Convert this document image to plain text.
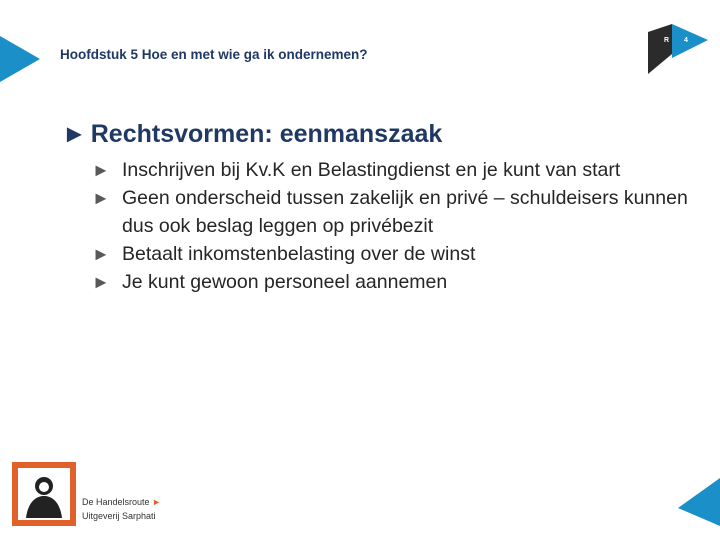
Hoofdstuk 5 Hoe en met wie ga ik ondernemen?
R 4
► Rechtsvormen: eenmanszaak
► Inschrijven bij Kv.K en Belastingdienst en je kunt van start
► Geen onderscheid tussen zakelijk en privé – schuldeisers kunnen dus ook beslag leggen op privébezit
► Betaalt inkomstenbelasting over de winst
► Je kunt gewoon personeel aannemen
De Handelsroute ►
Uitgeverij Sarphati
